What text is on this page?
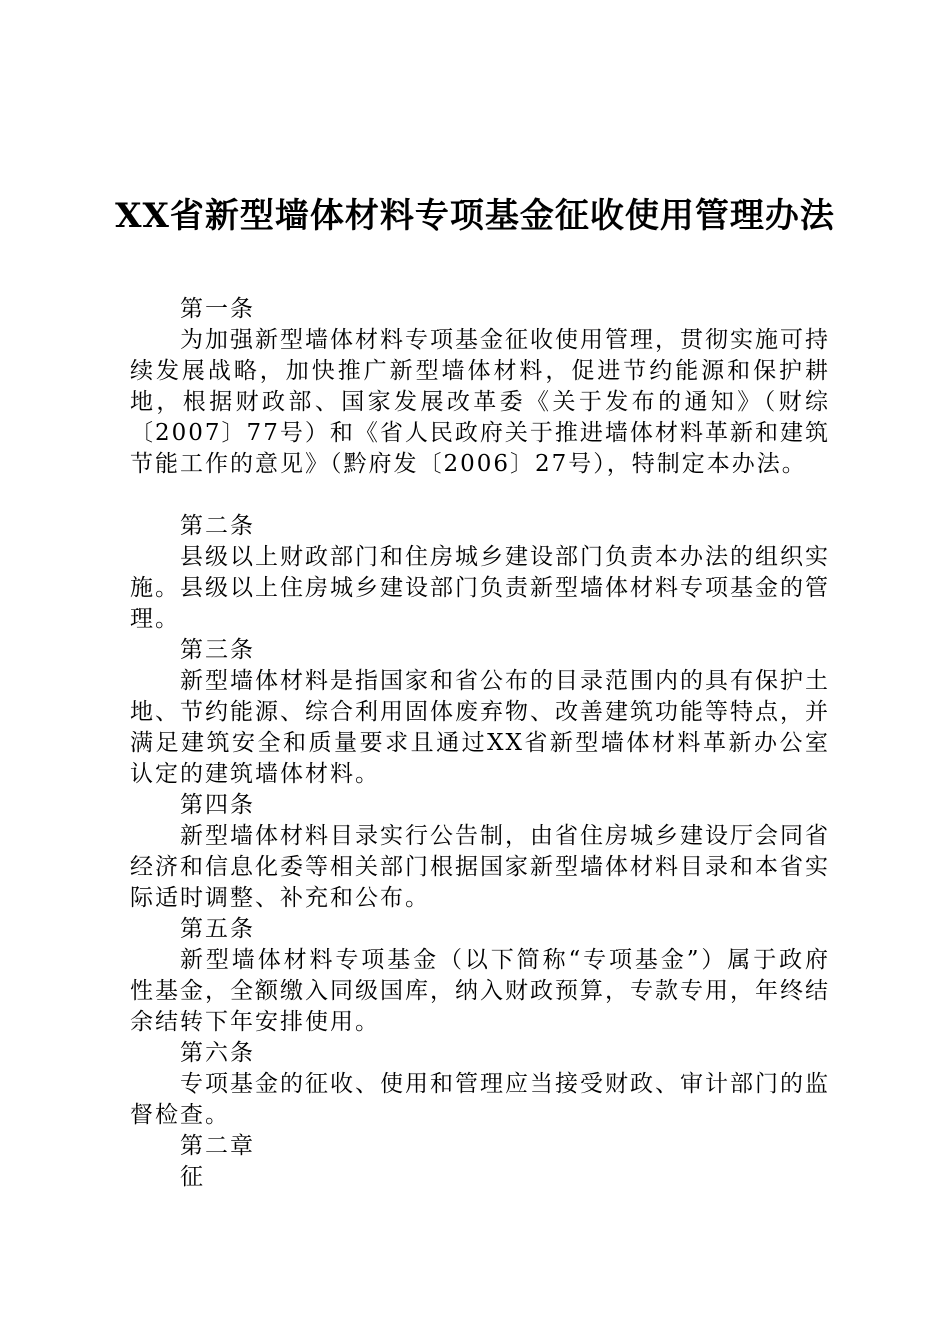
XX省新型墙体材料专项基金征收使用管理办法

第一条

为加强新型墙体材料专项基金征收使用管理，贯彻实施可持续发展战略，加快推广新型墙体材料，促进节约能源和保护耕地，根据财政部、国家发展改革委《关于发布的通知》（财综〔2007〕77号）和《省人民政府关于推进墙体材料革新和建筑节能工作的意见》（黔府发〔2006〕27号），特制定本办法。

第二条

县级以上财政部门和住房城乡建设部门负责本办法的组织实施。县级以上住房城乡建设部门负责新型墙体材料专项基金的管理。

第三条

新型墙体材料是指国家和省公布的目录范围内的具有保护土地、节约能源、综合利用固体废弃物、改善建筑功能等特点，并满足建筑安全和质量要求且通过XX省新型墙体材料革新办公室认定的建筑墙体材料。

第四条

新型墙体材料目录实行公告制，由省住房城乡建设厅会同省经济和信息化委等相关部门根据国家新型墙体材料目录和本省实际适时调整、补充和公布。

第五条

新型墙体材料专项基金（以下简称“专项基金”）属于政府性基金，全额缴入同级国库，纳入财政预算，专款专用，年终结余结转下年安排使用。

第六条

专项基金的征收、使用和管理应当接受财政、审计部门的监督检查。

第二章

征
